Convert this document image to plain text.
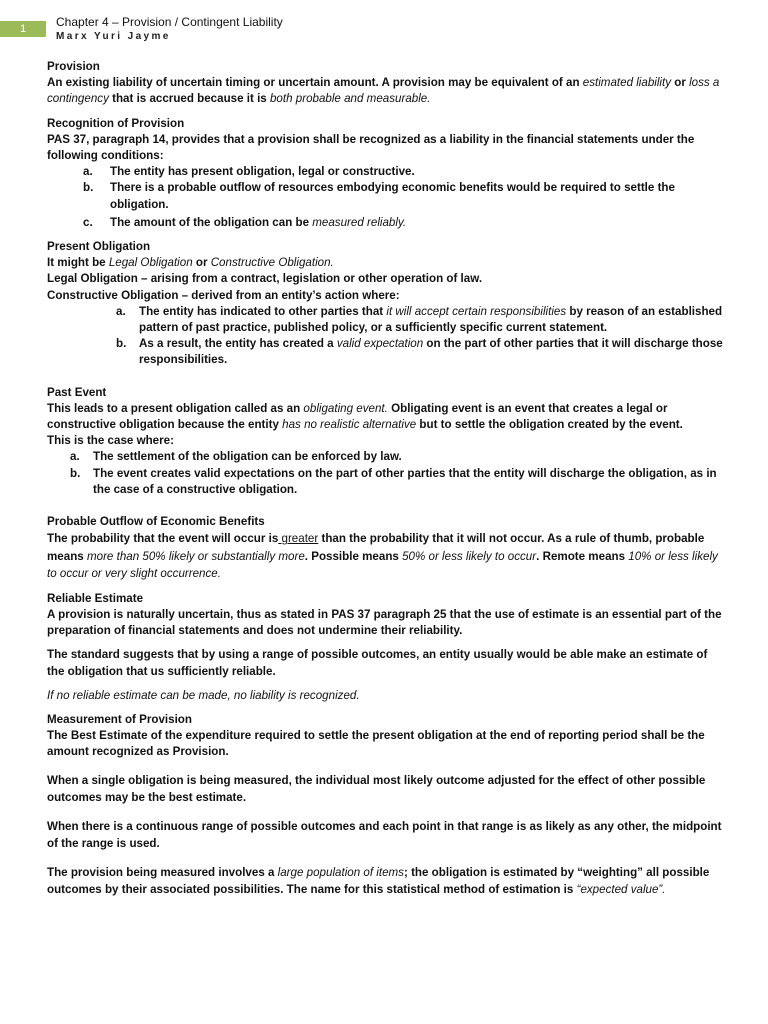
1	Chapter 4 – Provision / Contingent Liability
Marx Yuri Jayme
Provision

An existing liability of uncertain timing or uncertain amount. A provision may be equivalent of an estimated liability or loss a contingency that is accrued because it is both probable and measurable.

Recognition of Provision

PAS 37, paragraph 14, provides that a provision shall be recognized as a liability in the financial statements under the following conditions:

a. The entity has present obligation, legal or constructive.
b. There is a probable outflow of resources embodying economic benefits would be required to settle the obligation.
c. The amount of the obligation can be measured reliably.
Present Obligation

It might be Legal Obligation or Constructive Obligation.

Legal Obligation – arising from a contract, legislation or other operation of law.

Constructive Obligation – derived from an entity’s action where:

a. The entity has indicated to other parties that it will accept certain responsibilities by reason of an established pattern of past practice, published policy, or a sufficiently specific current statement.
b. As a result, the entity has created a valid expectation on the part of other parties that it will discharge those responsibilities.
Past Event

This leads to a present obligation called as an obligating event. Obligating event is an event that creates a legal or constructive obligation because the entity has no realistic alternative but to settle the obligation created by the event.

This is the case where:

a. The settlement of the obligation can be enforced by law.
b. The event creates valid expectations on the part of other parties that the entity will discharge the obligation, as in the case of a constructive obligation.
Probable Outflow of Economic Benefits

The probability that the event will occur is greater than the probability that it will not occur. As a rule of thumb, probable means more than 50% likely or substantially more. Possible means 50% or less likely to occur. Remote means 10% or less likely to occur or very slight occurrence.

Reliable Estimate

A provision is naturally uncertain, thus as stated in PAS 37 paragraph 25 that the use of estimate is an essential part of the preparation of financial statements and does not undermine their reliability.

The standard suggests that by using a range of possible outcomes, an entity usually would be able make an estimate of the obligation that us sufficiently reliable.

If no reliable estimate can be made, no liability is recognized.

Measurement of Provision

The Best Estimate of the expenditure required to settle the present obligation at the end of reporting period shall be the amount recognized as Provision.

When a single obligation is being measured, the individual most likely outcome adjusted for the effect of other possible outcomes may be the best estimate.

When there is a continuous range of possible outcomes and each point in that range is as likely as any other, the midpoint of the range is used.

The provision being measured involves a large population of items; the obligation is estimated by “weighting” all possible outcomes by their associated possibilities. The name for this statistical method of estimation is “expected value”.
